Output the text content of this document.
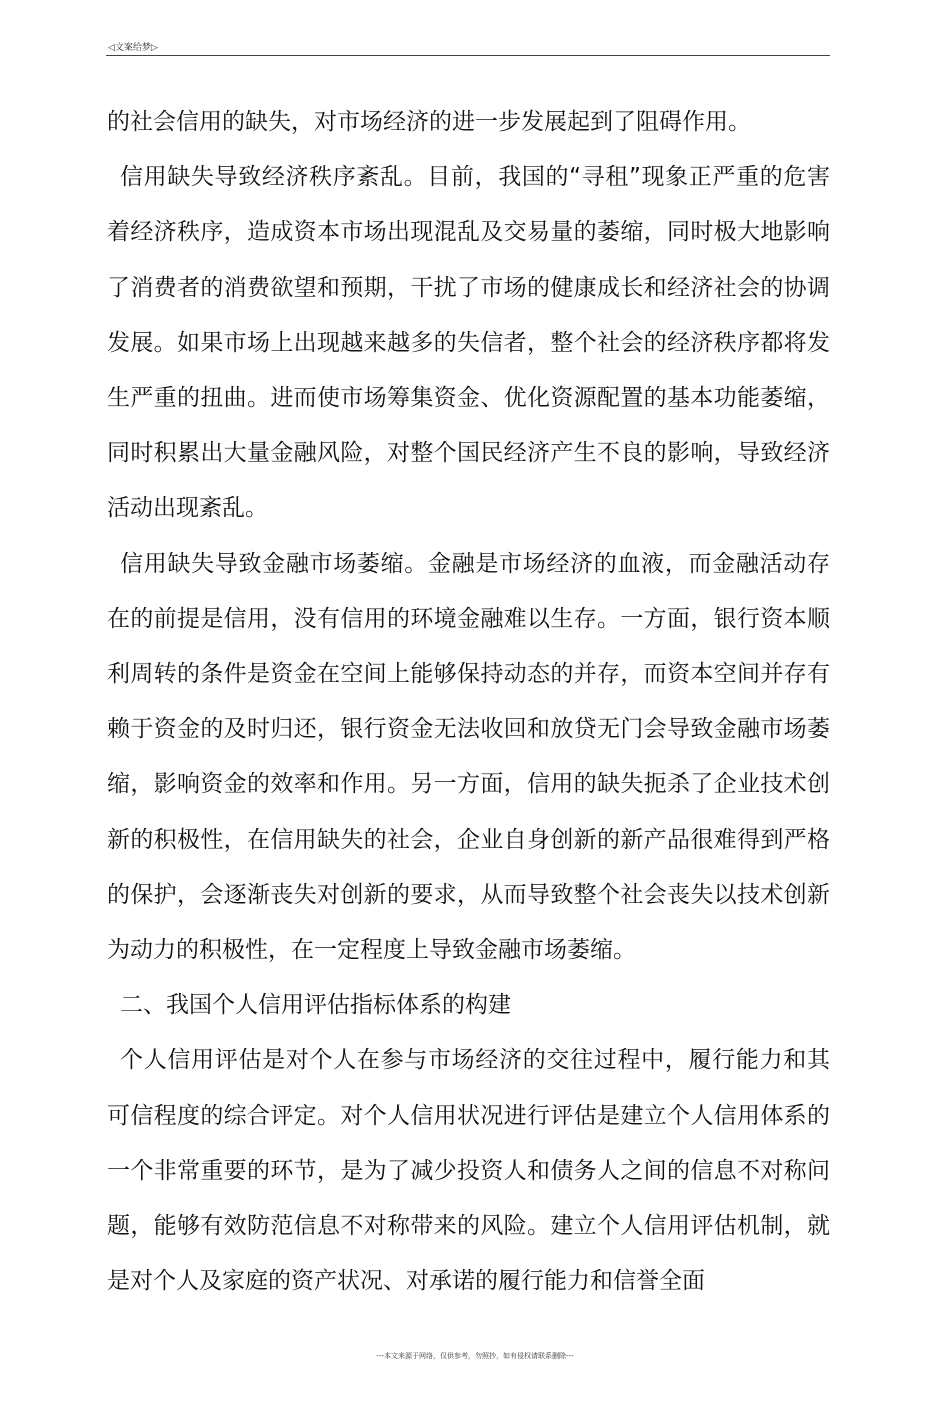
◁文案给梦▷

的社会信用的缺失，对市场经济的进一步发展起到了阻碍作用。

信用缺失导致经济秩序紊乱。目前，我国的“寻租”现象正严重的危害着经济秩序，造成资本市场出现混乱及交易量的萎缩，同时极大地影响了消费者的消费欲望和预期，干扰了市场的健康成长和经济社会的协调发展。如果市场上出现越来越多的失信者，整个社会的经济秩序都将发生严重的扭曲。进而使市场筹集资金、优化资源配置的基本功能萎缩，同时积累出大量金融风险，对整个国民经济产生不良的影响，导致经济活动出现紊乱。

信用缺失导致金融市场萎缩。金融是市场经济的血液，而金融活动存在的前提是信用，没有信用的环境金融难以生存。一方面，银行资本顺利周转的条件是资金在空间上能够保持动态的并存，而资本空间并存有赖于资金的及时归还，银行资金无法收回和放贷无门会导致金融市场萎缩，影响资金的效率和作用。另一方面，信用的缺失扼杀了企业技术创新的积极性，在信用缺失的社会，企业自身创新的新产品很难得到严格的保护，会逐渐丧失对创新的要求，从而导致整个社会丧失以技术创新为动力的积极性，在一定程度上导致金融市场萎缩。

二、我国个人信用评估指标体系的构建

个人信用评估是对个人在参与市场经济的交往过程中，履行能力和其可信程度的综合评定。对个人信用状况进行评估是建立个人信用体系的一个非常重要的环节，是为了减少投资人和债务人之间的信息不对称问题，能够有效防范信息不对称带来的风险。建立个人信用评估机制，就是对个人及家庭的资产状况、对承诺的履行能力和信誉全面

---本文来源于网络，仅供参考，勿照抄，如有侵权请联系删除---
